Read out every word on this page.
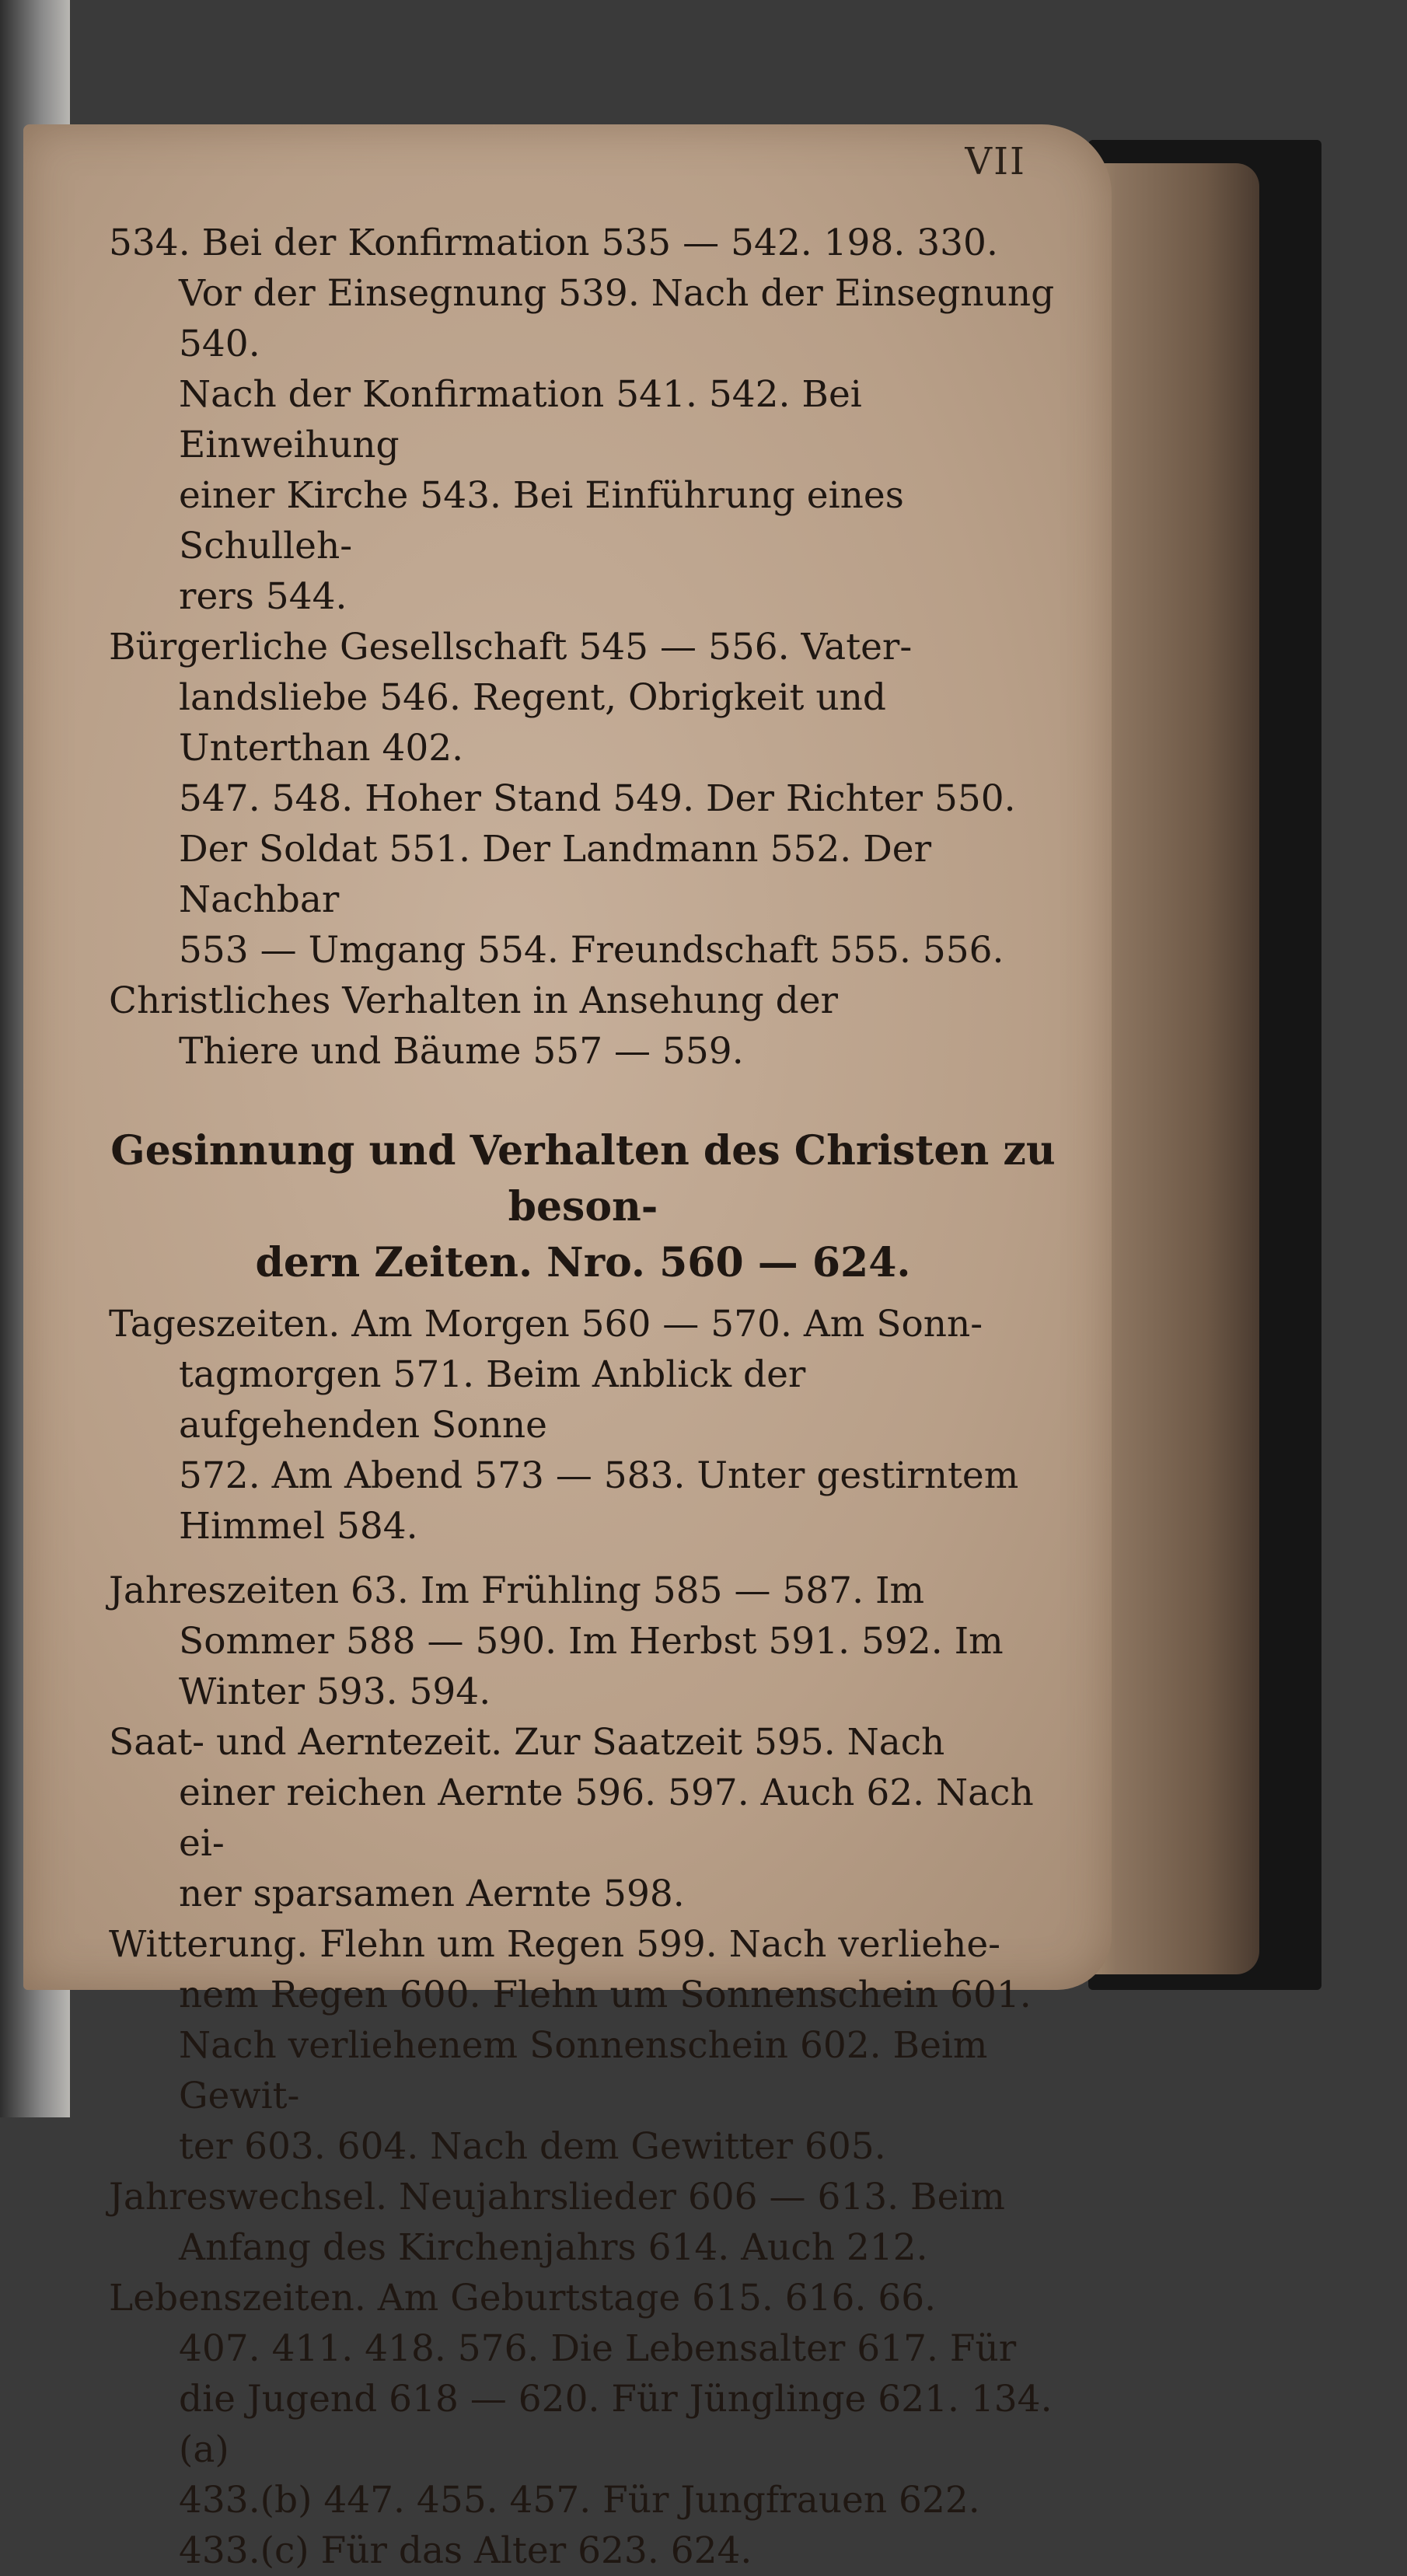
VII

534. Bei der Konfirmation 535 — 542. 198. 330.

Vor der Einsegnung 539. Nach der Einsegnung 540.

Nach der Konfirmation 541. 542. Bei Einweihung

einer Kirche 543. Bei Einführung eines Schulleh-

rers 544.

Bürgerliche Gesellschaft 545 — 556. Vater-

landsliebe 546. Regent, Obrigkeit und Unterthan 402.

547. 548. Hoher Stand 549. Der Richter 550.

Der Soldat 551. Der Landmann 552. Der Nachbar

553 — Umgang 554. Freundschaft 555. 556.

Christliches Verhalten in Ansehung der

Thiere und Bäume 557 — 559.

Gesinnung und Verhalten des Christen zu beson-
dern Zeiten. Nro. 560 — 624.

Tageszeiten. Am Morgen 560 — 570. Am Sonn-

tagmorgen 571. Beim Anblick der aufgehenden Sonne

572. Am Abend 573 — 583. Unter gestirntem

Himmel 584.

Jahreszeiten 63. Im Frühling 585 — 587. Im

Sommer 588 — 590. Im Herbst 591. 592. Im

Winter 593. 594.

Saat- und Aerntezeit. Zur Saatzeit 595. Nach

einer reichen Aernte 596. 597. Auch 62. Nach ei-

ner sparsamen Aernte 598.

Witterung. Flehn um Regen 599. Nach verliehe-

nem Regen 600. Flehn um Sonnenschein 601.

Nach verliehenem Sonnenschein 602. Beim Gewit-

ter 603. 604. Nach dem Gewitter 605.

Jahreswechsel. Neujahrslieder 606 — 613. Beim

Anfang des Kirchenjahrs 614. Auch 212.

Lebenszeiten. Am Geburtstage 615. 616. 66.

407. 411. 418. 576. Die Lebensalter 617. Für

die Jugend 618 — 620. Für Jünglinge 621. 134.(a)

433.(b) 447. 455. 457. Für Jungfrauen 622.

433.(c) Für das Alter 623. 624.
